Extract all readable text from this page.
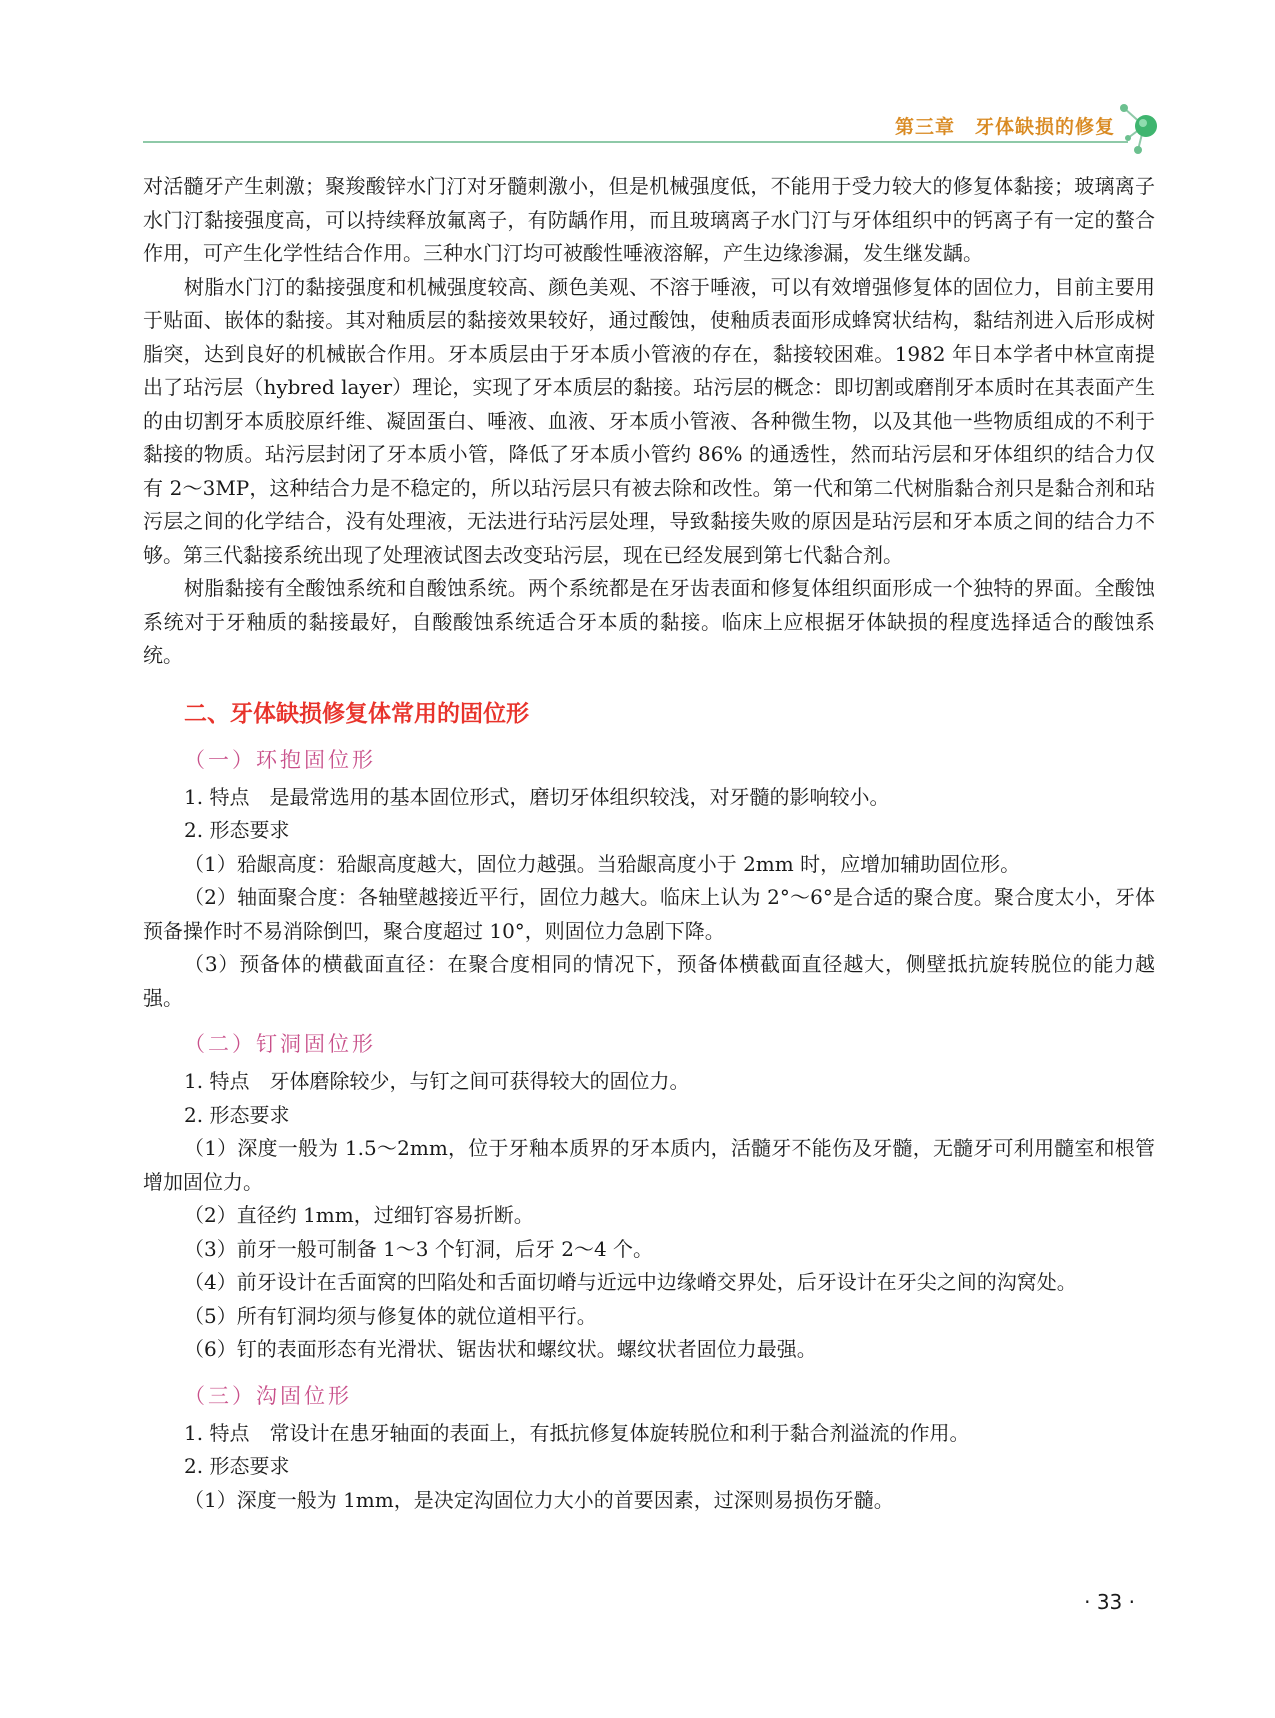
第三章　牙体缺损的修复

对活髓牙产生刺激；聚羧酸锌水门汀对牙髓刺激小，但是机械强度低，不能用于受力较大的修复体黏接；玻璃离子水门汀黏接强度高，可以持续释放氟离子，有防龋作用，而且玻璃离子水门汀与牙体组织中的钙离子有一定的螯合作用，可产生化学性结合作用。三种水门汀均可被酸性唾液溶解，产生边缘渗漏，发生继发龋。

树脂水门汀的黏接强度和机械强度较高、颜色美观、不溶于唾液，可以有效增强修复体的固位力，目前主要用于贴面、嵌体的黏接。其对釉质层的黏接效果较好，通过酸蚀，使釉质表面形成蜂窝状结构，黏结剂进入后形成树脂突，达到良好的机械嵌合作用。牙本质层由于牙本质小管液的存在，黏接较困难。1982 年日本学者中林宣南提出了玷污层（hybred layer）理论，实现了牙本质层的黏接。玷污层的概念：即切割或磨削牙本质时在其表面产生的由切割牙本质胶原纤维、凝固蛋白、唾液、血液、牙本质小管液、各种微生物，以及其他一些物质组成的不利于黏接的物质。玷污层封闭了牙本质小管，降低了牙本质小管约 86% 的通透性，然而玷污层和牙体组织的结合力仅有 2～3MP，这种结合力是不稳定的，所以玷污层只有被去除和改性。第一代和第二代树脂黏合剂只是黏合剂和玷污层之间的化学结合，没有处理液，无法进行玷污层处理，导致黏接失败的原因是玷污层和牙本质之间的结合力不够。第三代黏接系统出现了处理液试图去改变玷污层，现在已经发展到第七代黏合剂。

树脂黏接有全酸蚀系统和自酸蚀系统。两个系统都是在牙齿表面和修复体组织面形成一个独特的界面。全酸蚀系统对于牙釉质的黏接最好，自酸酸蚀系统适合牙本质的黏接。临床上应根据牙体缺损的程度选择适合的酸蚀系统。

二、牙体缺损修复体常用的固位形
（一）环抱固位形

1. 特点 是最常选用的基本固位形式，磨切牙体组织较浅，对牙髓的影响较小。

2. 形态要求

（1）𬌗龈高度：𬌗龈高度越大，固位力越强。当𬌗龈高度小于 2mm 时，应增加辅助固位形。

（2）轴面聚合度：各轴壁越接近平行，固位力越大。临床上认为 2°～6°是合适的聚合度。聚合度太小，牙体预备操作时不易消除倒凹，聚合度超过 10°，则固位力急剧下降。

（3）预备体的横截面直径：在聚合度相同的情况下，预备体横截面直径越大，侧壁抵抗旋转脱位的能力越强。

（二）钉洞固位形

1. 特点 牙体磨除较少，与钉之间可获得较大的固位力。

2. 形态要求

（1）深度一般为 1.5～2mm，位于牙釉本质界的牙本质内，活髓牙不能伤及牙髓，无髓牙可利用髓室和根管增加固位力。

（2）直径约 1mm，过细钉容易折断。

（3）前牙一般可制备 1～3 个钉洞，后牙 2～4 个。

（4）前牙设计在舌面窝的凹陷处和舌面切嵴与近远中边缘嵴交界处，后牙设计在牙尖之间的沟窝处。

（5）所有钉洞均须与修复体的就位道相平行。

（6）钉的表面形态有光滑状、锯齿状和螺纹状。螺纹状者固位力最强。

（三）沟固位形

1. 特点 常设计在患牙轴面的表面上，有抵抗修复体旋转脱位和利于黏合剂溢流的作用。

2. 形态要求

（1）深度一般为 1mm，是决定沟固位力大小的首要因素，过深则易损伤牙髓。

· 33 ·
